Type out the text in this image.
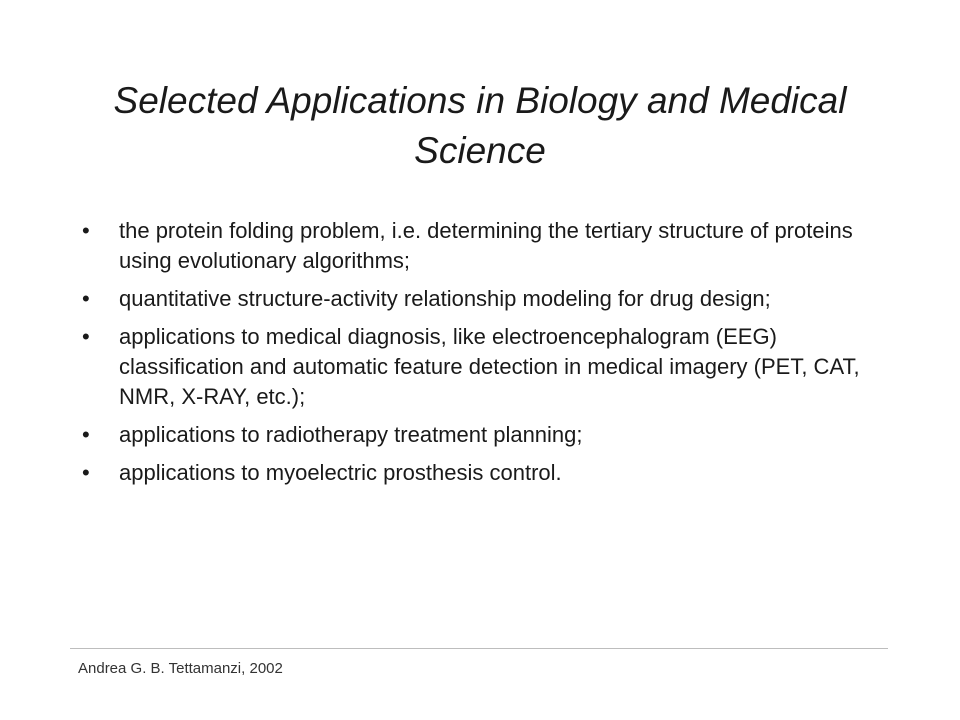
Selected Applications in Biology and Medical Science
•	the protein folding problem, i.e. determining the tertiary structure of proteins using evolutionary algorithms;
•	quantitative structure-activity relationship modeling for drug design;
•	applications to medical diagnosis, like electroencephalogram (EEG) classification and automatic feature detection in medical imagery (PET, CAT, NMR, X-RAY, etc.);
•	applications to radiotherapy treatment planning;
•	applications to myoelectric prosthesis control.
Andrea G. B. Tettamanzi, 2002
